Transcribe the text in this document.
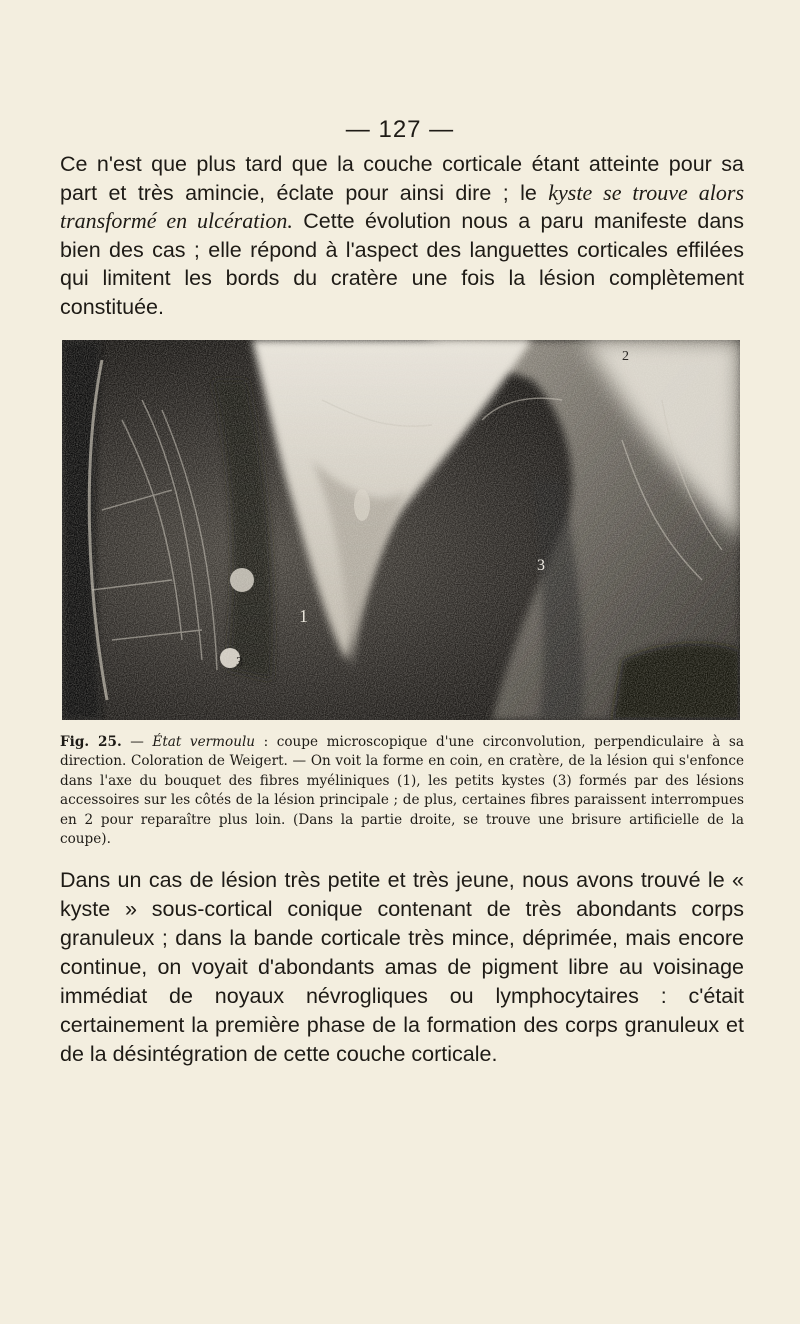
— 127 —

Ce n'est que plus tard que la couche corticale étant atteinte pour sa part et très amincie, éclate pour ainsi dire ; le kyste se trouve alors transformé en ulcération. Cette évolution nous a paru manifeste dans bien des cas ; elle répond à l'aspect des languettes corticales effilées qui limitent les bords du cratère une fois la lésion complètement constituée.

1
3
3
2

Fig. 25. — État vermoulu : coupe microscopique d'une circonvolution, perpendiculaire à sa direction. Coloration de Weigert. — On voit la forme en coin, en cratère, de la lésion qui s'enfonce dans l'axe du bouquet des fibres myéliniques (1), les petits kystes (3) formés par des lésions accessoires sur les côtés de la lésion principale ; de plus, certaines fibres paraissent interrompues en 2 pour reparaître plus loin. (Dans la partie droite, se trouve une brisure artificielle de la coupe).

Dans un cas de lésion très petite et très jeune, nous avons trouvé le « kyste » sous-cortical conique contenant de très abondants corps granuleux ; dans la bande corticale très mince, déprimée, mais encore continue, on voyait d'abondants amas de pigment libre au voisinage immédiat de noyaux névrogliques ou lymphocytaires : c'était certainement la première phase de la formation des corps granuleux et de la désintégration de cette couche corticale.
